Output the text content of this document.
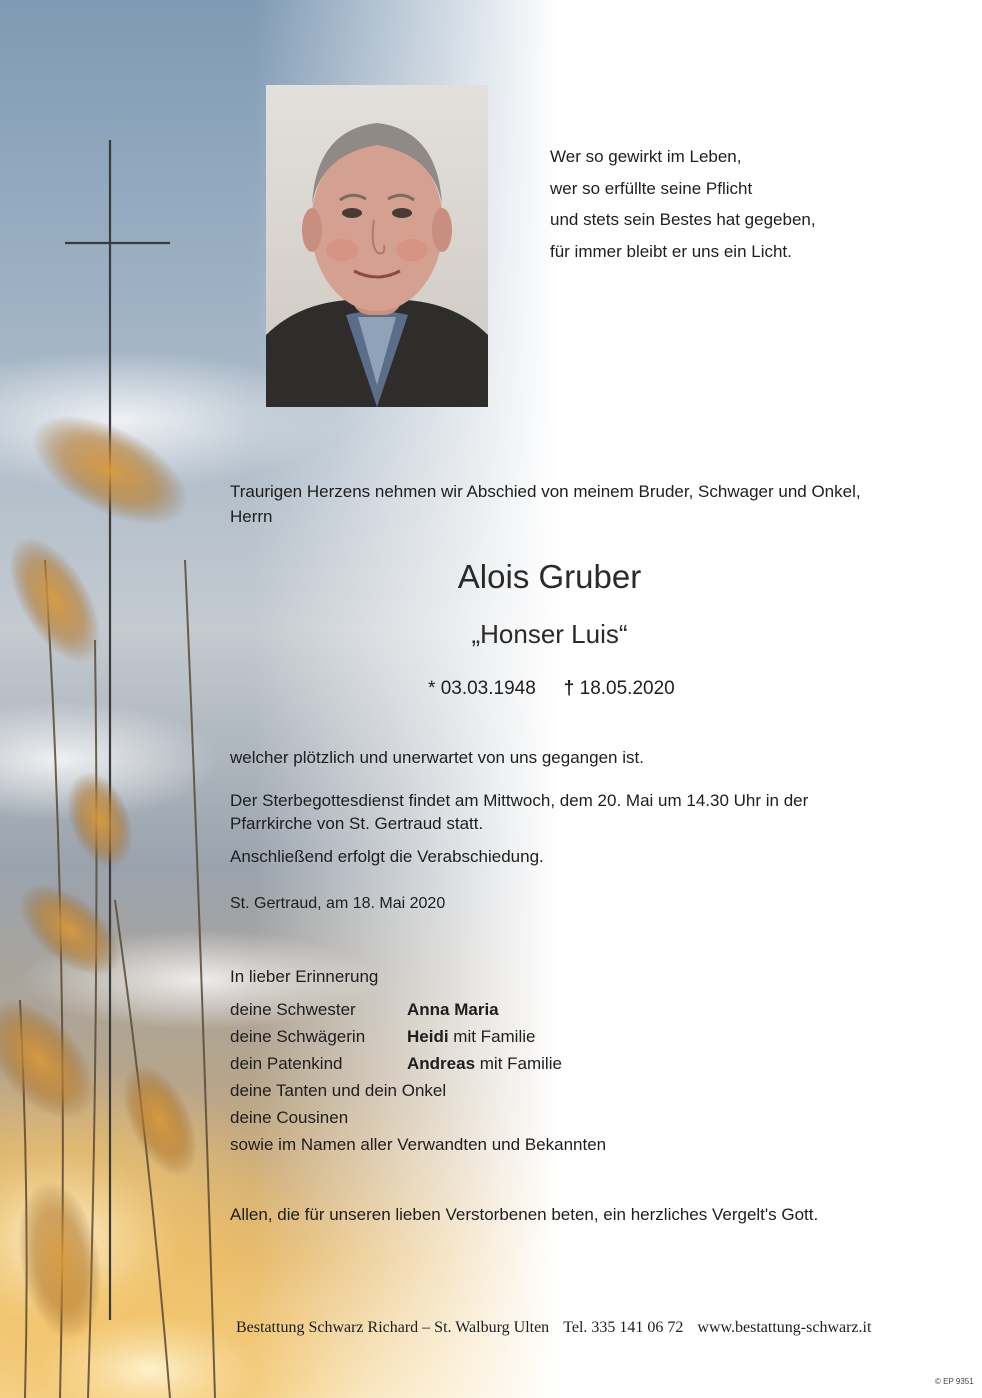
Wer so gewirkt im Leben,
wer so erfüllte seine Pflicht
und stets sein Bestes hat gegeben,
für immer bleibt er uns ein Licht.
Traurigen Herzens nehmen wir Abschied von meinem Bruder, Schwager und Onkel, Herrn
Alois Gruber
„Honser Luis“
* 03.03.1948 † 18.05.2020
welcher plötzlich und unerwartet von uns gegangen ist.
Der Sterbegottesdienst findet am Mittwoch, dem 20. Mai um 14.30 Uhr in der Pfarrkirche von St. Gertraud statt.
Anschließend erfolgt die Verabschiedung.
St. Gertraud, am 18. Mai 2020
In lieber Erinnerung
deine Schwester	Anna Maria
deine Schwägerin Heidi mit Familie
dein Patenkind	Andreas mit Familie
deine Tanten und dein Onkel
deine Cousinen
sowie im Namen aller Verwandten und Bekannten
Allen, die für unseren lieben Verstorbenen beten, ein herzliches Vergelt's Gott.
Bestattung Schwarz Richard – St. Walburg Ulten Tel. 335 141 06 72 www.bestattung-schwarz.it
© EP 9351
